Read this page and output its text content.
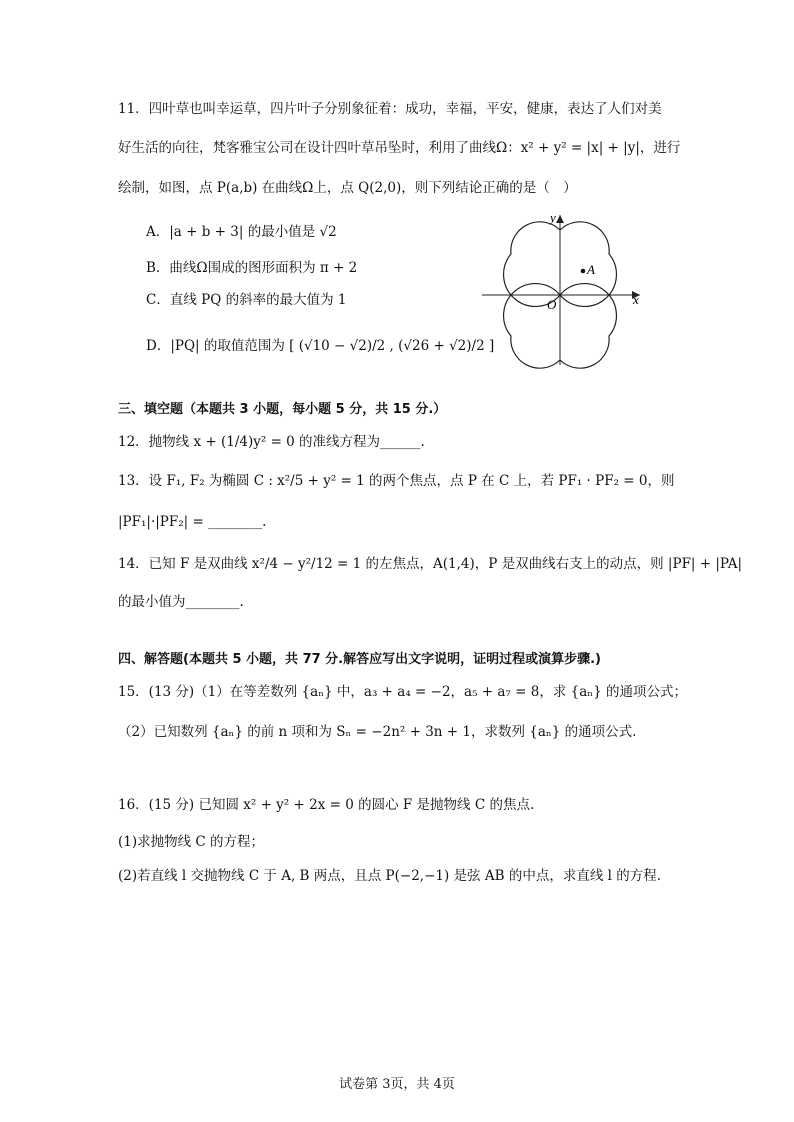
11．四叶草也叫幸运草，四片叶子分别象征着：成功，幸福，平安，健康，表达了人们对美
好生活的向往，梵客雅宝公司在设计四叶草吊坠时，利用了曲线Ω：x² + y² = |x| + |y|，进行
绘制，如图，点 P(a,b) 在曲线Ω上，点 Q(2,0)，则下列结论正确的是（　）
A．|a + b + 3| 的最小值是 √2
B．曲线Ω围成的图形面积为 π + 2
C．直线 PQ 的斜率的最大值为 1
D．|PQ| 的取值范围为 [ (√10 − √2)/2 , (√26 + √2)/2 ]
A
y
x
O
三、填空题（本题共 3 小题，每小题 5 分，共 15 分.）
12．抛物线 x + (1/4)y² = 0 的准线方程为______.
13．设 F₁, F₂ 为椭圆 C : x²/5 + y² = 1 的两个焦点，点 P 在 C 上，若 PF₁ · PF₂ = 0，则
|PF₁|·|PF₂| = ________.
14．已知 F 是双曲线 x²/4 − y²/12 = 1 的左焦点，A(1,4)，P 是双曲线右支上的动点，则 |PF| + |PA|
的最小值为________.
四、解答题(本题共 5 小题，共 77 分.解答应写出文字说明，证明过程或演算步骤.)
15．(13 分)（1）在等差数列 {aₙ} 中，a₃ + a₄ = −2，a₅ + a₇ = 8，求 {aₙ} 的通项公式；
（2）已知数列 {aₙ} 的前 n 项和为 Sₙ = −2n² + 3n + 1，求数列 {aₙ} 的通项公式.
16．(15 分) 已知圆 x² + y² + 2x = 0 的圆心 F 是抛物线 C 的焦点.
(1)求抛物线 C 的方程；
(2)若直线 l 交抛物线 C 于 A, B 两点，且点 P(−2,−1) 是弦 AB 的中点，求直线 l 的方程.
试卷第 3页，共 4页
